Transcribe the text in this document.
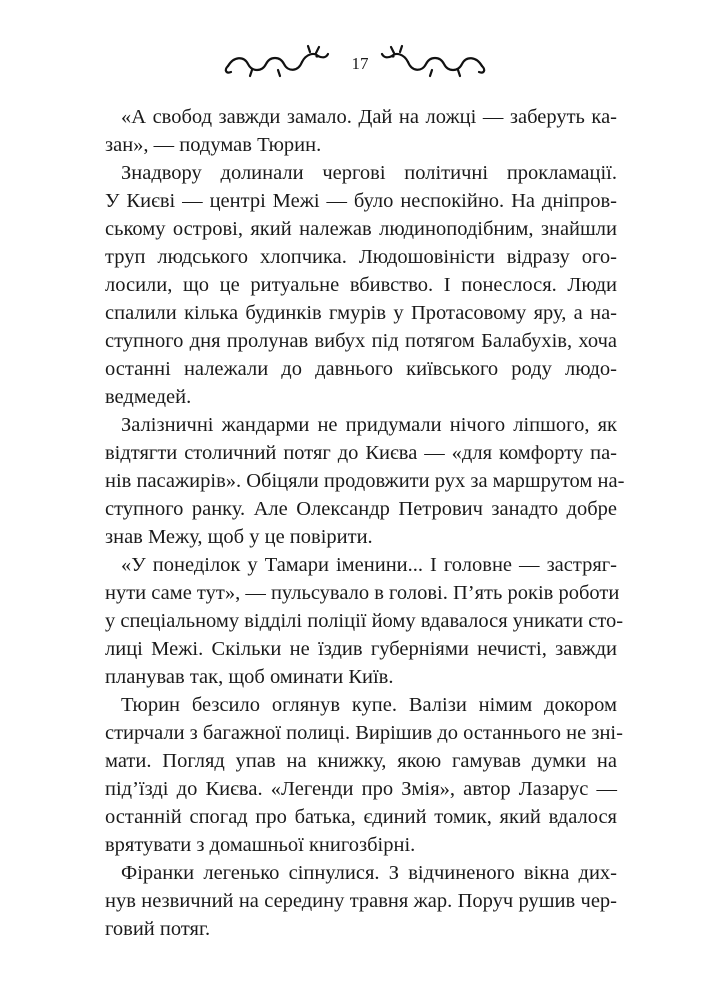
17
«А свобод завжди замало. Дай на ложці — заберуть ка-
зан», — подумав Тюрин.
Знадвору долинали чергові політичні прокламації.
У Києві — центрі Межі — було неспокійно. На дніпров-
ському острові, який належав людиноподібним, знайшли
труп людського хлопчика. Людошовіністи відразу ого-
лосили, що це ритуальне вбивство. І понеслося. Люди
спалили кілька будинків гмурів у Протасовому яру, а на-
ступного дня пролунав вибух під потягом Балабухів, хоча
останні належали до давнього київського роду людо-
ведмедей.
Залізничні жандарми не придумали нічого ліпшого, як
відтягти столичний потяг до Києва — «для комфорту па-
нів пасажирів». Обіцяли продовжити рух за маршрутом на-
ступного ранку. Але Олександр Петрович занадто добре
знав Межу, щоб у це повірити.
«У понеділок у Тамари іменини... І головне — застряг-
нути саме тут», — пульсувало в голові. П’ять років роботи
у спеціальному відділі поліції йому вдавалося уникати сто-
лиці Межі. Скільки не їздив губерніями нечисті, завжди
планував так, щоб оминати Київ.
Тюрин безсило оглянув купе. Валізи німим докором
стирчали з багажної полиці. Вирішив до останнього не зні-
мати. Погляд упав на книжку, якою гамував думки на
під’їзді до Києва. «Легенди про Змія», автор Лазарус —
останній спогад про батька, єдиний томик, який вдалося
врятувати з домашньої книгозбірні.
Фіранки легенько сіпнулися. З відчиненого вікна дих-
нув незвичний на середину травня жар. Поруч рушив чер-
говий потяг.
